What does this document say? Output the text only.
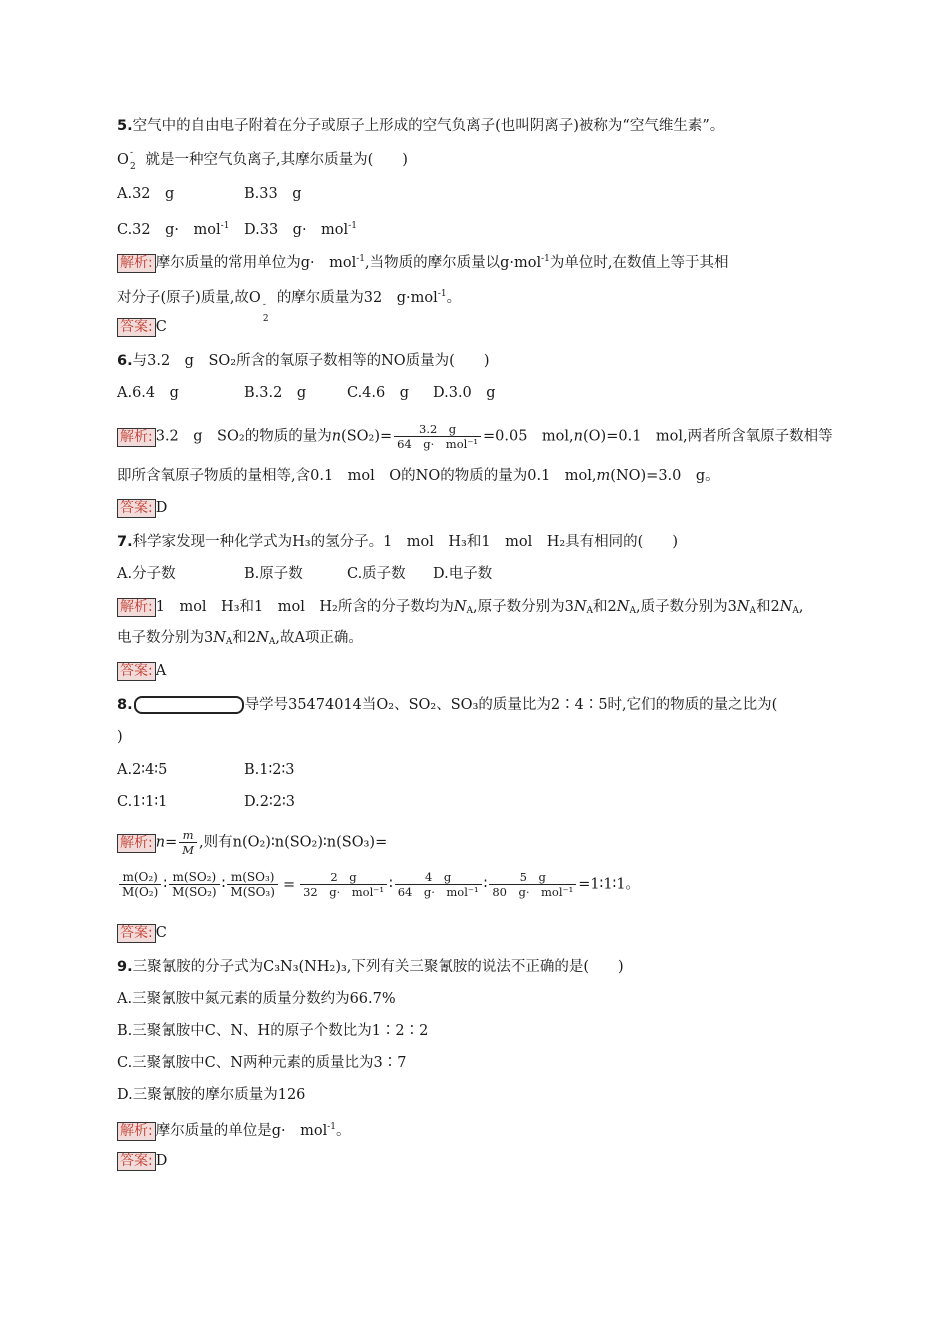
5.空气中的自由电子附着在分子或原子上形成的空气负离子(也叫阴离子)被称为“空气维生素”。
O -
2 就是一种空气负离子,其摩尔质量为(　　)
A.32　g	B.33　g
C.32　g·　mol$^{-1}$ D.33　g·　mol$^{-1}$
解析: 摩尔质量的常用单位为g·　mol$^{-1}$,当物质的摩尔质量以g·mol$^{-1}$为单位时,在数值上等于其相
对分子(原子)质量,故O -
2
的摩尔质量为32　g·mol$^{-1}$。
答案: C
6.与3.2　g　SO₂所含的氧原子数相等的NO质量为(　　)
A.6.4　g	B.3.2　g	C.4.6　g D.3.0　g
解析: 3.2　g　SO₂的物质的量为$n(SO_2)= \frac{3.2 g}{\text{64　g·　mol⁻¹}} =0.05$　mol,n(O)=0.1　mol,两者所含氧原子数相等
即所含氧原子物质的量相等,含0.1　mol　O的NO的物质的量为0.1　mol,m(NO)=3.0　g。
答案: D
7.科学家发现一种化学式为H₃的氢分子。1　mol　H₃和1　mol　H₂具有相同的(　　)
A.分子数	B.原子数	C.质子数 D.电子数
解析: 1　mol　H₃和1　mol　H₂所含的分子数均为$N_A$,原子数分别为$3N_A$和$2N_A$,质子数分别为$3N_A$和$2N_A$,
电子数分别为$3N_A$和$2N_A$,故A项正确。
答案: A
8.	导学号35474014当O₂、SO₂、SO₃的质量比为2∶4∶5时,它们的物质的量之比为(
)
A.2∶4∶5	B.1∶2∶3
C.1∶1∶1	D.2∶2∶3
解析: $n= \frac{m}{M}$ ,则有n(O₂)∶n(SO₂)∶n(SO₃)=
$\frac{\text{m(O₂)}}{\text{M(O₂)}}$ ∶ $\frac{\text{m(SO₂)}}{\text{M(SO₂)}}$ ∶ $\frac{\text{m(SO₃)}}{\text{M(SO₃)}} = \frac{2 g}{\text{32　g·　mol⁻¹}}$ ∶ $\frac{4 g}{\text{64　g·　mol⁻¹}}$ ∶ $\frac{5 g}{\text{80　g·　mol⁻¹}}$ =1∶1∶1。
答案: C
9.三聚氰胺的分子式为C₃N₃(NH₂)₃,下列有关三聚氰胺的说法不正确的是(　　)
A.三聚氰胺中氮元素的质量分数约为66.7%
B.三聚氰胺中C、N、H的原子个数比为1∶2∶2
C.三聚氰胺中C、N两种元素的质量比为3∶7
D.三聚氰胺的摩尔质量为126
解析: 摩尔质量的单位是g·　mol$^{-1}$。
答案: D
